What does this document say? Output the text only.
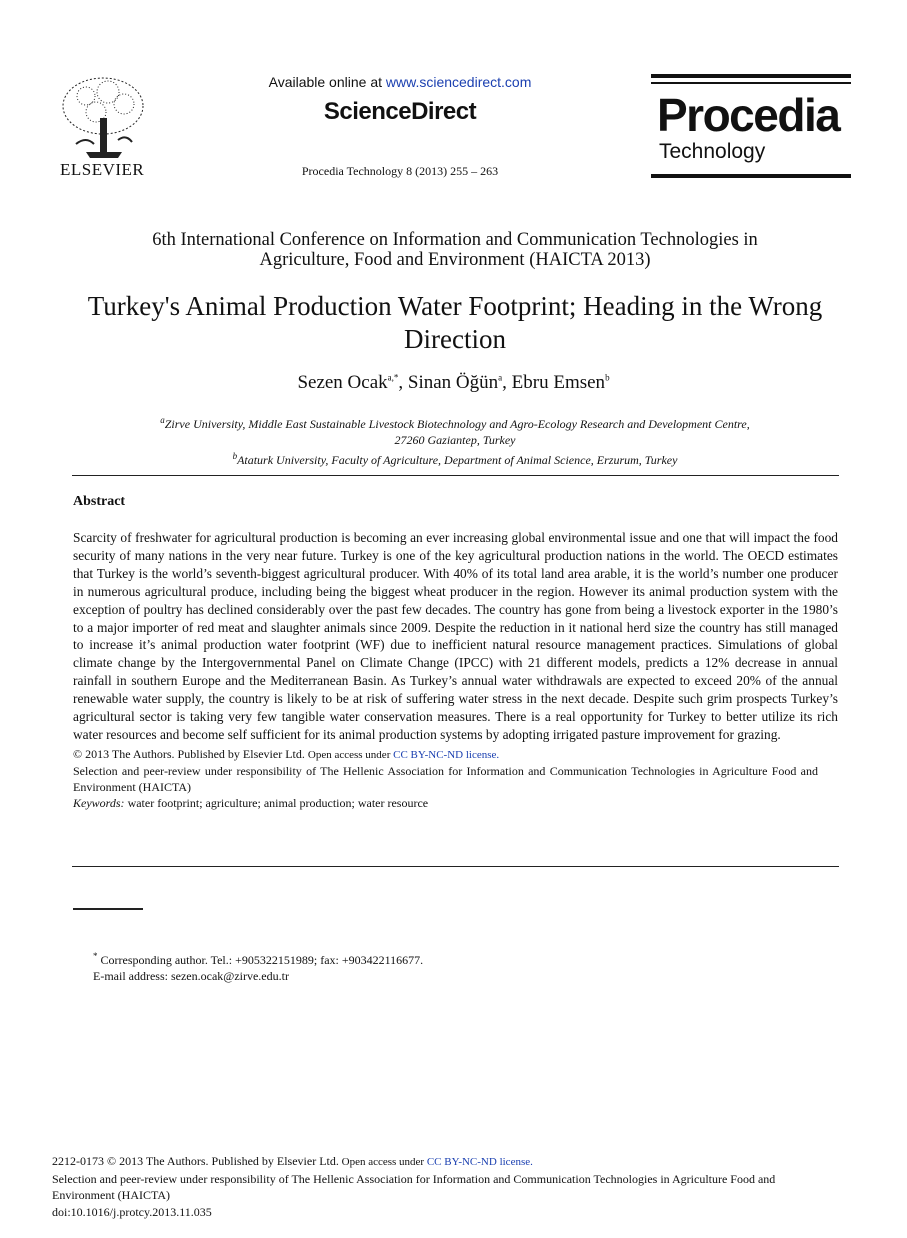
ELSEVIER
Available online at www.sciencedirect.com
ScienceDirect
Procedia Technology 8 (2013) 255 – 263
Procedia
Technology
6th International Conference on Information and Communication Technologies in
Agriculture, Food and Environment (HAICTA 2013)
Turkey's Animal Production Water Footprint; Heading in the Wrong Direction
Sezen Ocak$^{a,*}$, Sinan Öğün$^a$, Ebru Emsen$^b$
$^a$Zirve University, Middle East Sustainable Livestock Biotechnology and Agro-Ecology Research and Development Centre,
27260 Gaziantep, Turkey
$^b$Ataturk University, Faculty of Agriculture, Department of Animal Science, Erzurum, Turkey
Abstract
Scarcity of freshwater for agricultural production is becoming an ever increasing global environmental issue and one that will impact the food security of many nations in the very near future. Turkey is one of the key agricultural production nations in the world. The OECD estimates that Turkey is the world’s seventh-biggest agricultural producer. With 40% of its total land area arable, it is the world’s number one producer in numerous agricultural produce, including being the biggest wheat producer in the region. However its animal production system with the exception of poultry has declined considerably over the past few decades. The country has gone from being a livestock exporter in the 1980’s to a major importer of red meat and slaughter animals since 2009. Despite the reduction in it national herd size the country has still managed to increase it’s animal production water footprint (WF) due to inefficient natural resource management practices. Simulations of global climate change by the Intergovernmental Panel on Climate Change (IPCC) with 21 different models, predicts a 12% decrease in annual rainfall in southern Europe and the Mediterranean Basin. As Turkey’s annual water withdrawals are expected to exceed 20% of the annual renewable water supply, the country is likely to be at risk of suffering water stress in the next decade. Despite such grim prospects Turkey’s agricultural sector is taking very few tangible water conservation measures. There is a real opportunity for Turkey to better utilize its rich water resources and become self sufficient for its animal production systems by adopting irrigated pasture improvement for grazing.
© 2013 The Authors. Published by Elsevier Ltd. Open access under CC BY-NC-ND license.
Selection and peer-review under responsibility of The Hellenic Association for Information and Communication Technologies in Agriculture Food and Environment (HAICTA)
Keywords: water footprint; agriculture; animal production; water resource
* Corresponding author. Tel.: +905322151989; fax: +903422116677.
E-mail address: sezen.ocak@zirve.edu.tr
2212-0173 © 2013 The Authors. Published by Elsevier Ltd. Open access under CC BY-NC-ND license.
Selection and peer-review under responsibility of The Hellenic Association for Information and Communication Technologies in Agriculture Food and Environment (HAICTA)
doi:10.1016/j.protcy.2013.11.035
